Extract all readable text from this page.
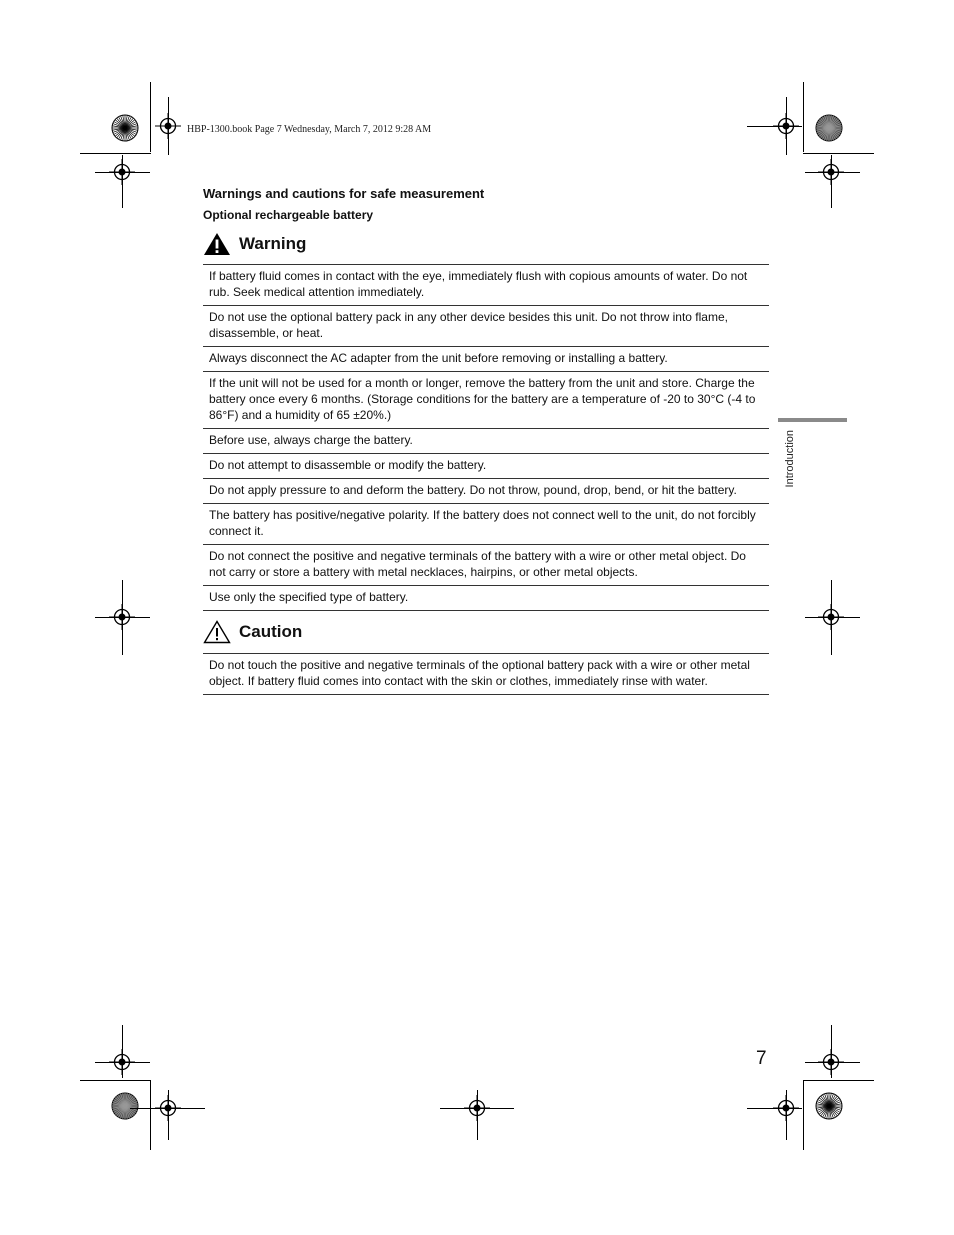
HBP-1300.book Page 7 Wednesday, March 7, 2012 9:28 AM
Warnings and cautions for safe measurement
Optional rechargeable battery
Warning
If battery fluid comes in contact with the eye, immediately flush with copious amounts of water. Do not rub. Seek medical attention immediately.
Do not use the optional battery pack in any other device besides this unit. Do not throw into flame, disassemble, or heat.
Always disconnect the AC adapter from the unit before removing or installing a battery.
If the unit will not be used for a month or longer, remove the battery from the unit and store. Charge the battery once every 6 months. (Storage conditions for the battery are a temperature of -20 to 30°C (-4 to 86°F) and a humidity of 65 ±20%.)
Before use, always charge the battery.
Do not attempt to disassemble or modify the battery.
Do not apply pressure to and deform the battery. Do not throw, pound, drop, bend, or hit the battery.
The battery has positive/negative polarity. If the battery does not connect well to the unit, do not forcibly connect it.
Do not connect the positive and negative terminals of the battery with a wire or other metal object. Do not carry or store a battery with metal necklaces, hairpins, or other metal objects.
Use only the specified type of battery.
Caution
Do not touch the positive and negative terminals of the optional battery pack with a wire or other metal object. If battery fluid comes into contact with the skin or clothes, immediately rinse with water.
Introduction
7
